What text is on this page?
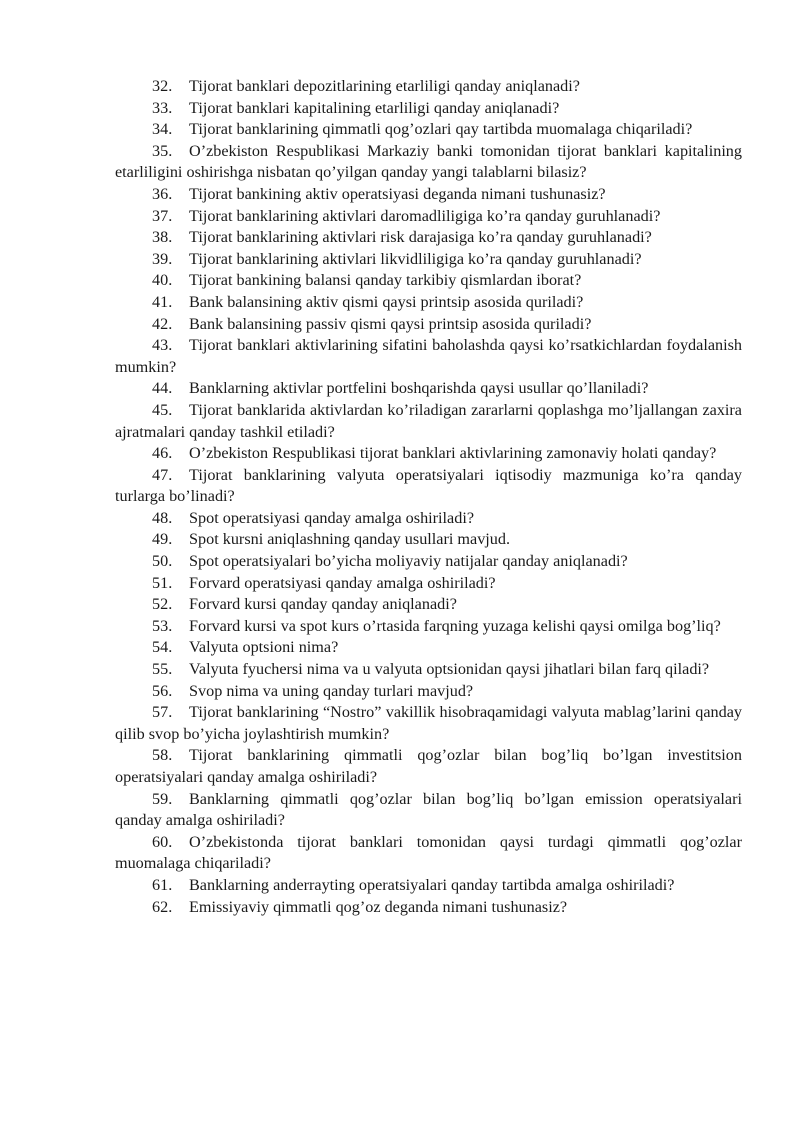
32. Tijorat banklari depozitlarining etarliligi qanday aniqlanadi?

33. Tijorat banklari kapitalining etarliligi qanday aniqlanadi?

34. Tijorat banklarining qimmatli qog’ozlari qay tartibda muomalaga chiqariladi?

35. O’zbekiston Respublikasi Markaziy banki tomonidan tijorat banklari kapitalining etarliligini oshirishga nisbatan qo’yilgan qanday yangi talablarni bilasiz?

36. Tijorat bankining aktiv operatsiyasi deganda nimani tushunasiz?

37. Tijorat banklarining aktivlari daromadliligiga ko’ra qanday guruhlanadi?

38. Tijorat banklarining aktivlari risk darajasiga ko’ra qanday guruhlanadi?

39. Tijorat banklarining aktivlari likvidliligiga ko’ra qanday guruhlanadi?

40. Tijorat bankining balansi qanday tarkibiy qismlardan iborat?

41. Bank balansining aktiv qismi qaysi printsip asosida quriladi?

42. Bank balansining passiv qismi qaysi printsip asosida quriladi?

43. Tijorat banklari aktivlarining sifatini baholashda qaysi ko’rsatkichlardan foydalanish mumkin?

44. Banklarning aktivlar portfelini boshqarishda qaysi usullar qo’llaniladi?

45. Tijorat banklarida aktivlardan ko’riladigan zararlarni qoplashga mo’ljallangan zaxira ajratmalari qanday tashkil etiladi?

46. O’zbekiston Respublikasi tijorat banklari aktivlarining zamonaviy holati qanday?

47. Tijorat banklarining valyuta operatsiyalari iqtisodiy mazmuniga ko’ra qanday turlarga bo’linadi?

48. Spot operatsiyasi qanday amalga oshiriladi?

49. Spot kursni aniqlashning qanday usullari mavjud.

50. Spot operatsiyalari bo’yicha moliyaviy natijalar qanday aniqlanadi?

51. Forvard operatsiyasi qanday amalga oshiriladi?

52. Forvard kursi qanday qanday aniqlanadi?

53. Forvard kursi va spot kurs o’rtasida farqning yuzaga kelishi qaysi omilga bog’liq?

54. Valyuta optsioni nima?

55. Valyuta fyuchersi nima va u valyuta optsionidan qaysi jihatlari bilan farq qiladi?

56. Svop nima va uning qanday turlari mavjud?

57. Tijorat banklarining “Nostro” vakillik hisobraqamidagi valyuta mablag’larini qanday qilib svop bo’yicha joylashtirish mumkin?

58. Tijorat banklarining qimmatli qog’ozlar bilan bog’liq bo’lgan investitsion operatsiyalari qanday amalga oshiriladi?

59. Banklarning qimmatli qog’ozlar bilan bog’liq bo’lgan emission operatsiyalari qanday amalga oshiriladi?

60. O’zbekistonda tijorat banklari tomonidan qaysi turdagi qimmatli qog’ozlar muomalaga chiqariladi?

61. Banklarning anderrayting operatsiyalari qanday tartibda amalga oshiriladi?

62. Emissiyaviy qimmatli qog’oz deganda nimani tushunasiz?
